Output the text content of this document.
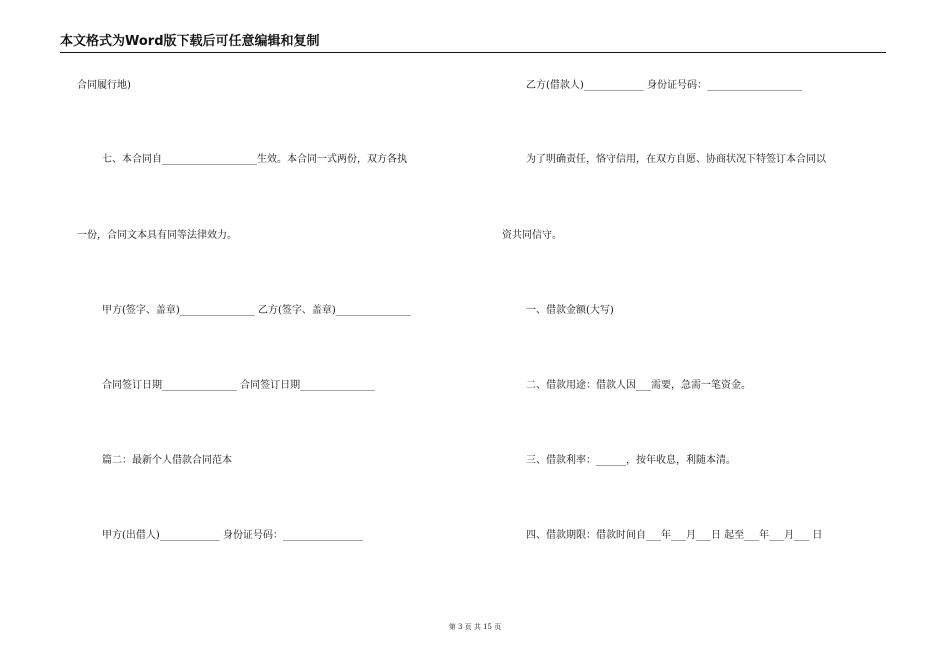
本文格式为Word版下载后可任意编辑和复制
合同履行地)
七、本合同自___________________生效。本合同一式两份，双方各执
一份，合同文本具有同等法律效力。
甲方(签字、盖章)_______________ 乙方(签字、盖章)_______________
合同签订日期_______________ 合同签订日期_______________
篇二：最新个人借款合同范本
甲方(出借人)____________ 身份证号码：________________
乙方(借款人)____________ 身份证号码：___________________
为了明确责任，恪守信用，在双方自愿、协商状况下特签订本合同以
资共同信守。
一、借款金额(大写)
二、借款用途：借款人因___需要，急需一笔资金。
三、借款利率：______，按年收息，利随本清。
四、借款期限：借款时间自___年___月___日 起至___年___月___ 日
第 3 页 共 15 页
